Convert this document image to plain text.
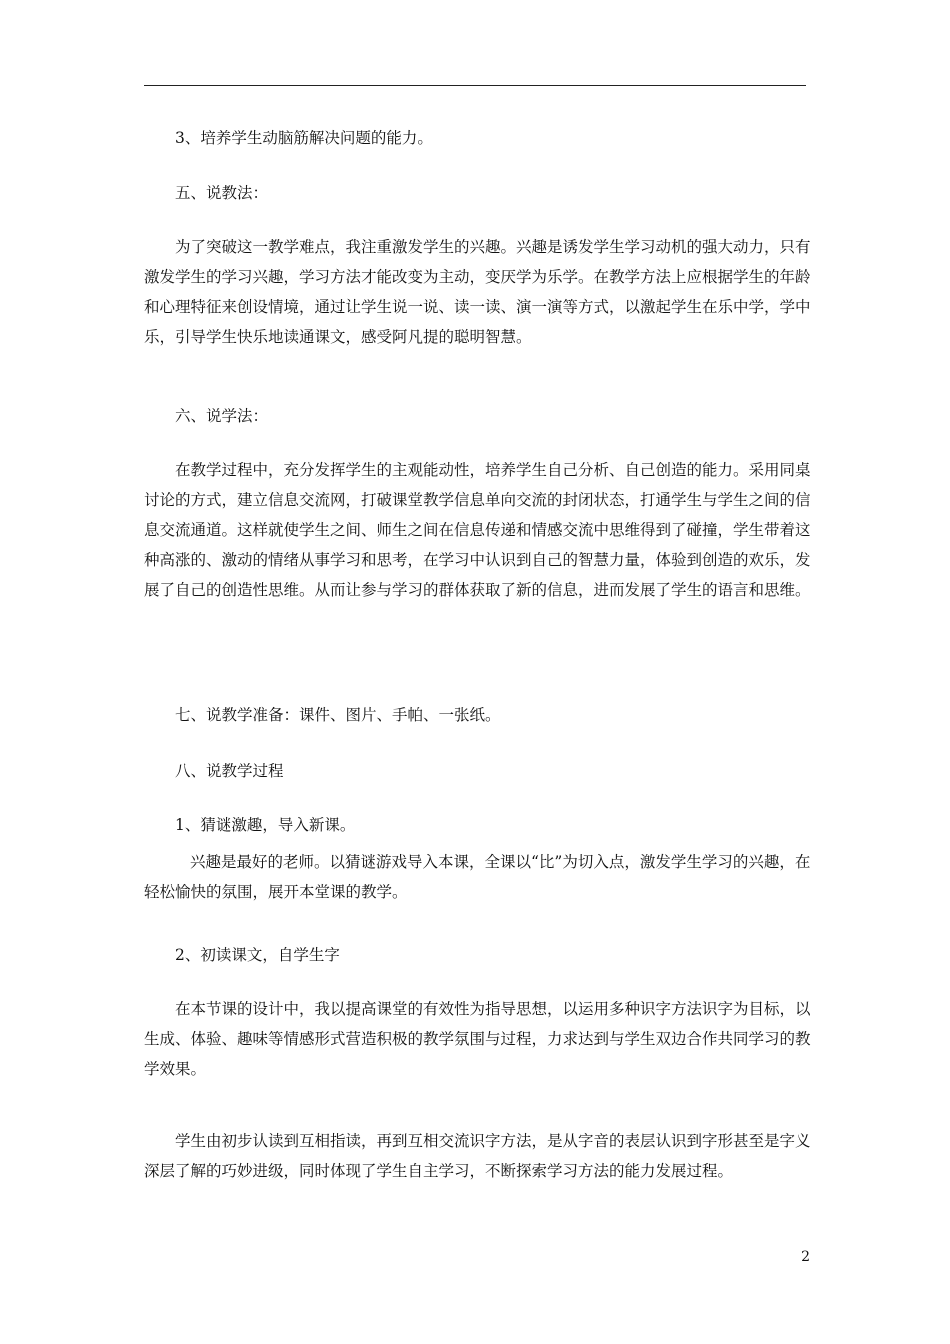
3、培养学生动脑筋解决问题的能力。

五、说教法：

为了突破这一教学难点，我注重激发学生的兴趣。兴趣是诱发学生学习动机的强大动力，只有激发学生的学习兴趣，学习方法才能改变为主动，变厌学为乐学。在教学方法上应根据学生的年龄和心理特征来创设情境，通过让学生说一说、读一读、演一演等方式，以激起学生在乐中学，学中乐，引导学生快乐地读通课文，感受阿凡提的聪明智慧。

六、说学法：

在教学过程中，充分发挥学生的主观能动性，培养学生自己分析、自己创造的能力。采用同桌讨论的方式，建立信息交流网，打破课堂教学信息单向交流的封闭状态，打通学生与学生之间的信息交流通道。这样就使学生之间、师生之间在信息传递和情感交流中思维得到了碰撞，学生带着这种高涨的、激动的情绪从事学习和思考，在学习中认识到自己的智慧力量，体验到创造的欢乐，发展了自己的创造性思维。从而让参与学习的群体获取了新的信息，进而发展了学生的语言和思维。

七、说教学准备：课件、图片、手帕、一张纸。

八、说教学过程

1、猜谜激趣，导入新课。

兴趣是最好的老师。以猜谜游戏导入本课，全课以“比”为切入点，激发学生学习的兴趣，在轻松愉快的氛围，展开本堂课的教学。

2、初读课文，自学生字

在本节课的设计中，我以提高课堂的有效性为指导思想，以运用多种识字方法识字为目标，以生成、体验、趣味等情感形式营造积极的教学氛围与过程，力求达到与学生双边合作共同学习的教学效果。

学生由初步认读到互相指读，再到互相交流识字方法，是从字音的表层认识到字形甚至是字义深层了解的巧妙进级，同时体现了学生自主学习，不断探索学习方法的能力发展过程。

2
